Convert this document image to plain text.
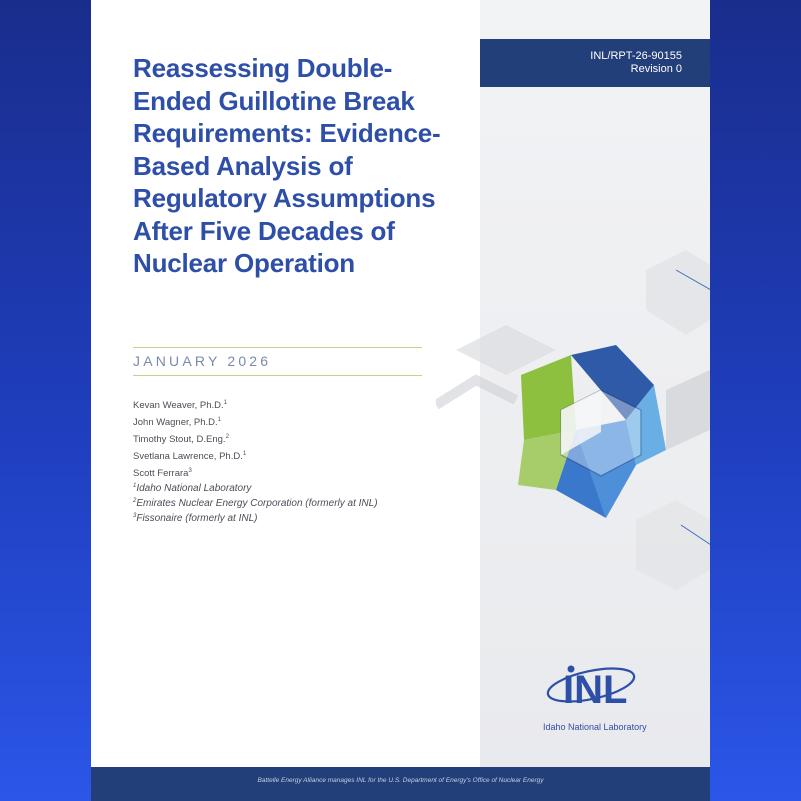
INL/RPT-26-90155
Revision 0
Reassessing Double-
Ended Guillotine Break
Requirements: Evidence-
Based Analysis of
Regulatory Assumptions
After Five Decades of
Nuclear Operation
JANUARY 2026
Kevan Weaver, Ph.D.$^1$
John Wagner, Ph.D.$^1$
Timothy Stout, D.Eng.$^2$
Svetlana Lawrence, Ph.D.$^1$
Scott Ferrara$^3$
$^1$Idaho National Laboratory
$^2$Emirates Nuclear Energy Corporation (formerly at INL)
$^3$Fissonaire (formerly at INL)
INL
Idaho National Laboratory
Battelle Energy Alliance manages INL for the U.S. Department of Energy's Office of Nuclear Energy
